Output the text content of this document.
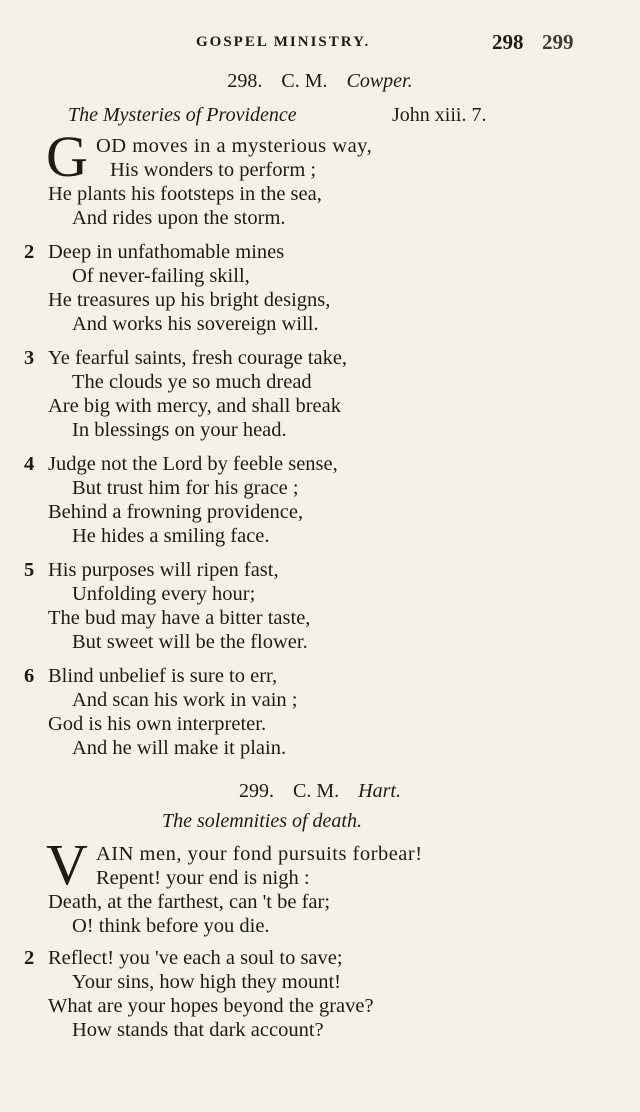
GOSPEL MINISTRY.	298 299
298. C. M. Cowper.
The Mysteries of Providence	John xiii. 7.
G OD moves in a mysterious way,
His wonders to perform ;
He plants his footsteps in the sea,
And rides upon the storm.
2 Deep in unfathomable mines
Of never-failing skill,
He treasures up his bright designs,
And works his sovereign will.
3 Ye fearful saints, fresh courage take,
The clouds ye so much dread
Are big with mercy, and shall break
In blessings on your head.
4 Judge not the Lord by feeble sense,
But trust him for his grace ;
Behind a frowning providence,
He hides a smiling face.
5 His purposes will ripen fast,
Unfolding every hour;
The bud may have a bitter taste,
But sweet will be the flower.
6 Blind unbelief is sure to err,
And scan his work in vain ;
God is his own interpreter.
And he will make it plain.
299. C. M. Hart.
The solemnities of death.
V AIN men, your fond pursuits forbear!
Repent! your end is nigh :
Death, at the farthest, can 't be far;
O! think before you die.
2 Reflect! you 've each a soul to save;
Your sins, how high they mount!
What are your hopes beyond the grave?
How stands that dark account?
